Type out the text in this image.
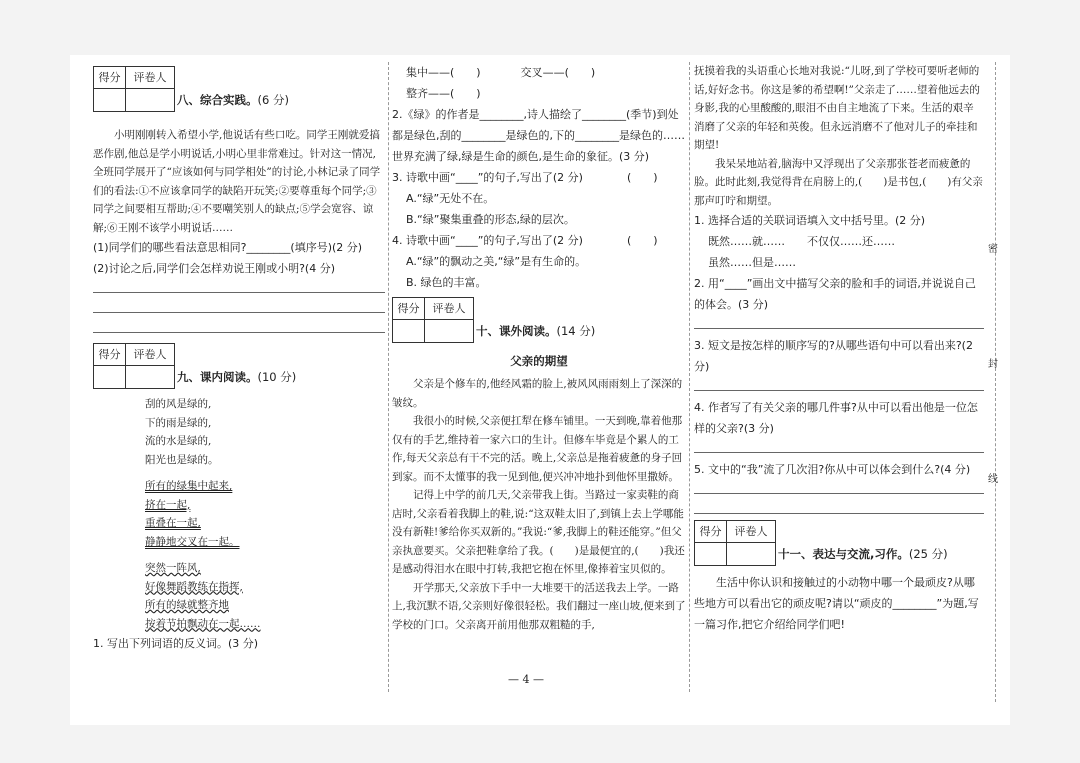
得分	评卷人
八、综合实践。(6 分)

小明刚刚转入希望小学,他说话有些口吃。同学王刚就爱搞恶作剧,他总是学小明说话,小明心里非常难过。针对这一情况,全班同学展开了“应该如何与同学相处”的讨论,小林记录了同学们的看法:①不应该拿同学的缺陷开玩笑;②要尊重每个同学;③同学之间要相互帮助;④不要嘲笑别人的缺点;⑤学会宽容、谅解;⑥王刚不该学小明说话……

(1)同学们的哪些看法意思相同?________(填序号)(2 分)

(2)讨论之后,同学们会怎样劝说王刚或小明?(4 分)

得分	评卷人
九、课内阅读。(10 分)

刮的风是绿的,

下的雨是绿的,

流的水是绿的,

阳光也是绿的。

所有的绿集中起来,

挤在一起,

重叠在一起,

静静地交叉在一起。

突然一阵风,

好像舞蹈教练在指挥,

所有的绿就整齐地

按着节拍飘动在一起……

1. 写出下列词语的反义词。(3 分)

集中——(　　)	交叉——(　　)

整齐——(　　)

2.《绿》的作者是________,诗人描绘了________(季节)到处都是绿色,刮的________是绿色的,下的________是绿色的……世界充满了绿,绿是生命的颜色,是生命的象征。(3 分)

3. 诗歌中画“____”的句子,写出了(2 分)　　　　(　　)

A.“绿”无处不在。

B.“绿”聚集重叠的形态,绿的层次。

4. 诗歌中画“____”的句子,写出了(2 分)　　　　(　　)

A.“绿”的飘动之美,“绿”是有生命的。

B. 绿色的丰富。

得分	评卷人
十、课外阅读。(14 分)

父亲的期望

父亲是个修车的,他经风霜的脸上,被风风雨雨刻上了深深的皱纹。

我很小的时候,父亲便扛犁在修车铺里。一天到晚,靠着他那仅有的手艺,维持着一家六口的生计。但修车毕竟是个累人的工作,每天父亲总有干不完的活。晚上,父亲总是拖着疲惫的身子回到家。而不太懂事的我一见到他,便兴冲冲地扑到他怀里撒娇。

记得上中学的前几天,父亲带我上街。当路过一家卖鞋的商店时,父亲看着我脚上的鞋,说:“这双鞋太旧了,到镇上去上学哪能没有新鞋!爹给你买双新的。”我说:“爹,我脚上的鞋还能穿。”但父亲执意要买。父亲把鞋拿给了我。(　　)是最便宜的,(　　)我还是感动得泪水在眼中打转,我把它抱在怀里,像捧着宝贝似的。

开学那天,父亲放下手中一大堆要干的活送我去上学。一路上,我沉默不语,父亲则好像很轻松。我们翻过一座山坡,便来到了学校的门口。父亲离开前用他那双粗糙的手,

抚摸着我的头语重心长地对我说:“儿呀,到了学校可要听老师的话,好好念书。你这是爹的希望啊!”父亲走了……望着他远去的身影,我的心里酸酸的,眼泪不由自主地流了下来。生活的艰辛消磨了父亲的年轻和英俊。但永远消磨不了他对儿子的牵挂和期望!

我呆呆地站着,脑海中又浮现出了父亲那张苍老而疲惫的脸。此时此刻,我觉得背在肩膀上的,(　　)是书包,(　　)有父亲那声叮咛和期望。

1. 选择合适的关联词语填入文中括号里。(2 分)

既然……就……　　不仅仅……还……

虽然……但是……

2. 用“____”画出文中描写父亲的脸和手的词语,并说说自己的体会。(3 分)

3. 短文是按怎样的顺序写的?从哪些语句中可以看出来?(2 分)

4. 作者写了有关父亲的哪几件事?从中可以看出他是一位怎样的父亲?(3 分)

5. 文中的“我”流了几次泪?你从中可以体会到什么?(4 分)

得分	评卷人
十一、表达与交流,习作。(25 分)

生活中你认识和接触过的小动物中哪一个最顽皮?从哪些地方可以看出它的顽皮呢?请以“顽皮的________”为题,写一篇习作,把它介绍给同学们吧!

密
封
线
— 4 —
